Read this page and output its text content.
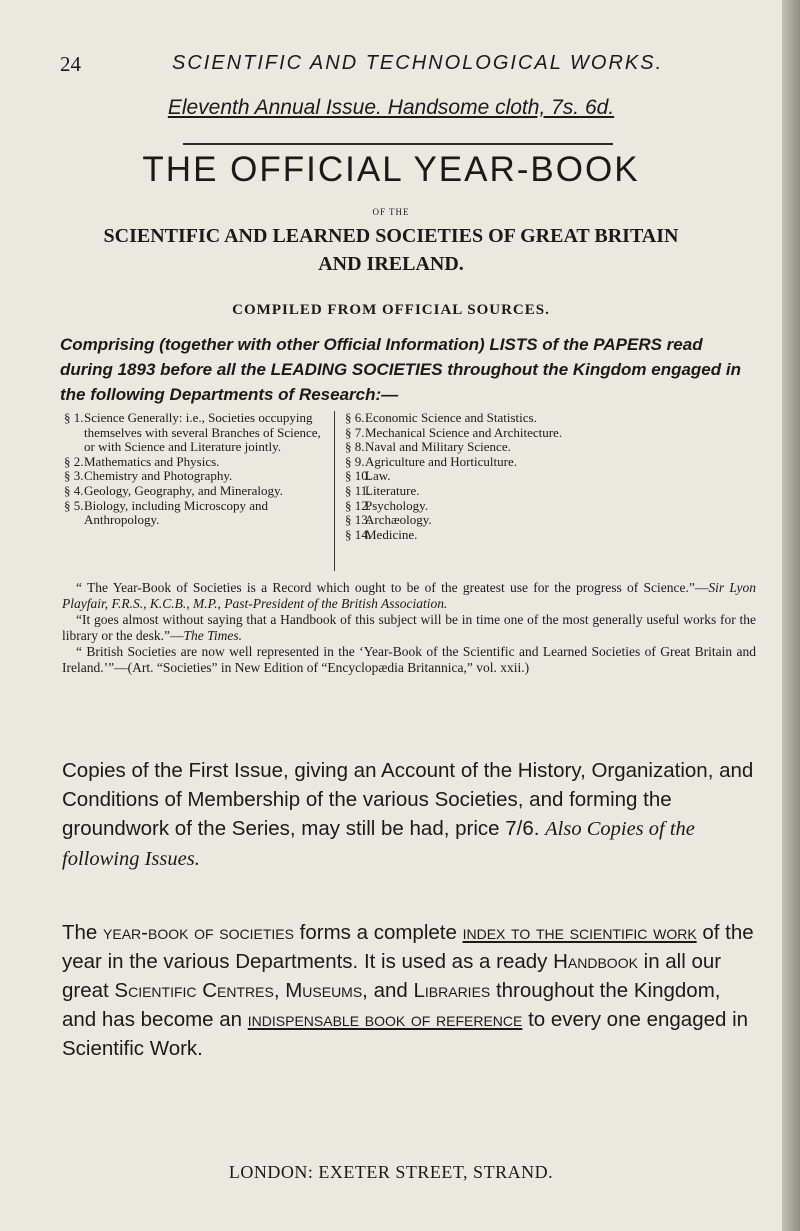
24	SCIENTIFIC AND TECHNOLOGICAL WORKS.
Eleventh Annual Issue. Handsome cloth, 7s. 6d.
THE OFFICIAL YEAR-BOOK
OF THE
SCIENTIFIC AND LEARNED SOCIETIES OF GREAT BRITAIN
AND IRELAND.
COMPILED FROM OFFICIAL SOURCES.
Comprising (together with other Official Information) LISTS of the PAPERS read during 1893 before all the LEADING SOCIETIES throughout the Kingdom engaged in the following Departments of Research:—
§ 1. Science Generally: i.e., Societies occupying themselves with several Branches of Science, or with Science and Literature jointly.
§ 2. Mathematics and Physics.
§ 3. Chemistry and Photography.
§ 4. Geology, Geography, and Mineralogy.
§ 5. Biology, including Microscopy and Anthropology.
§ 6. Economic Science and Statistics.
§ 7. Mechanical Science and Architecture.
§ 8. Naval and Military Science.
§ 9. Agriculture and Horticulture.
§ 10.
Law.
§ 11.
Literature.
§ 12.
Psychology.
§ 13.
Archæology.
§ 14.
Medicine.

“ The Year-Book of Societies is a Record which ought to be of the greatest use for the progress of Science.”—Sir Lyon Playfair, F.R.S., K.C.B., M.P., Past-President of the British Association.

“It goes almost without saying that a Handbook of this subject will be in time one of the most generally useful works for the library or the desk.”—The Times.

“ British Societies are now well represented in the ‘Year-Book of the Scientific and Learned Societies of Great Britain and Ireland.’”—(Art. “Societies” in New Edition of “Encyclopædia Britannica,” vol. xxii.)

Copies of the First Issue, giving an Account of the History, Organization, and Conditions of Membership of the various Societies, and forming the groundwork of the Series, may still be had, price 7/6. Also Copies of the following Issues.
The year-book of societies forms a complete index to the scientific work of the year in the various Departments. It is used as a ready Handbook in all our great Scientific Centres, Museums, and Libraries throughout the Kingdom, and has become an indispensable book of reference to every one engaged in Scientific Work.
LONDON: EXETER STREET, STRAND.
